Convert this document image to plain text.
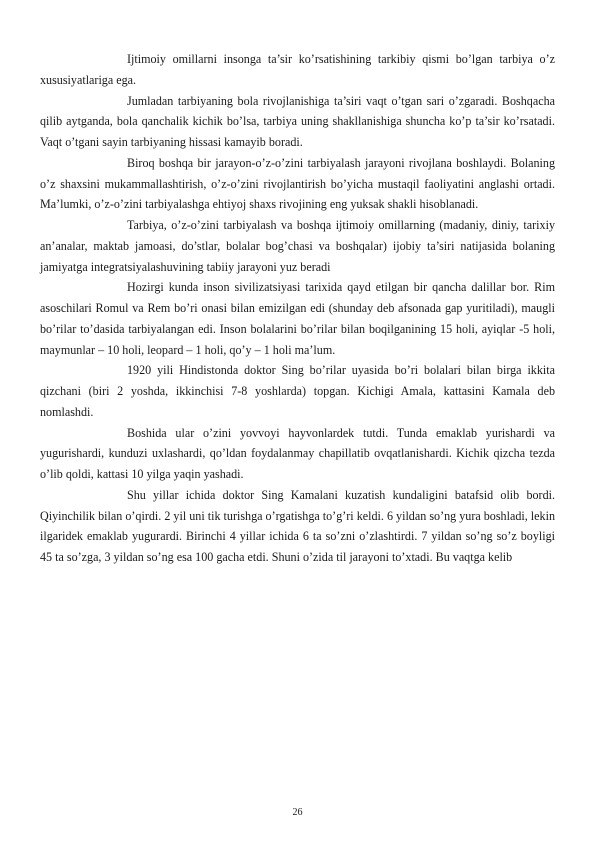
Ijtimoiy omillarni insonga ta’sir ko’rsatishining tarkibiy qismi bo’lgan tarbiya o’z xususiyatlariga ega.

Jumladan tarbiyaning bola rivojlanishiga ta’siri vaqt o’tgan sari o’zgaradi. Boshqacha qilib aytganda, bola qanchalik kichik bo’lsa, tarbiya uning shakllanishiga shuncha ko’p ta’sir ko’rsatadi. Vaqt o’tgani sayin tarbiyaning hissasi kamayib boradi.

Biroq boshqa bir jarayon-o’z-o’zini tarbiyalash jarayoni rivojlana boshlaydi. Bolaning o’z shaxsini mukammallashtirish, o’z-o’zini rivojlantirish bo’yicha mustaqil faoliyatini anglashi ortadi. Ma’lumki, o’z-o’zini tarbiyalashga ehtiyoj shaxs rivojining eng yuksak shakli hisoblanadi.

Tarbiya, o’z-o’zini tarbiyalash va boshqa ijtimoiy omillarning (madaniy, diniy, tarixiy an’analar, maktab jamoasi, do’stlar, bolalar bog’chasi va boshqalar) ijobiy ta’siri natijasida bolaning jamiyatga integratsiyalashuvining tabiiy jarayoni yuz beradi

Hozirgi kunda inson sivilizatsiyasi tarixida qayd etilgan bir qancha dalillar bor. Rim asoschilari Romul va Rem bo’ri onasi bilan emizilgan edi (shunday deb afsonada gap yuritiladi), maugli bo’rilar to’dasida tarbiyalangan edi. Inson bolalarini bo’rilar bilan boqilganining 15 holi, ayiqlar -5 holi, maymunlar – 10 holi, leopard – 1 holi, qo’y – 1 holi ma’lum.

1920 yili Hindistonda doktor Sing bo’rilar uyasida bo’ri bolalari bilan birga ikkita qizchani (biri 2 yoshda, ikkinchisi 7-8 yoshlarda) topgan. Kichigi Amala, kattasini Kamala deb nomlashdi.

Boshida ular o’zini yovvoyi hayvonlardek tutdi. Tunda emaklab yurishardi va yugurishardi, kunduzi uxlashardi, qo’ldan foydalanmay chapillatib ovqatlanishardi. Kichik qizcha tezda o’lib qoldi, kattasi 10 yilga yaqin yashadi.

Shu yillar ichida doktor Sing Kamalani kuzatish kundaligini batafsid olib bordi. Qiyinchilik bilan o’qirdi. 2 yil uni tik turishga o’rgatishga to’g’ri keldi. 6 yildan so’ng yura boshladi, lekin ilgaridek emaklab yugurardi. Birinchi 4 yillar ichida 6 ta so’zni o’zlashtirdi. 7 yildan so’ng so’z boyligi 45 ta so’zga, 3 yildan so’ng esa 100 gacha etdi. Shuni o’zida til jarayoni to’xtadi. Bu vaqtga kelib

26
